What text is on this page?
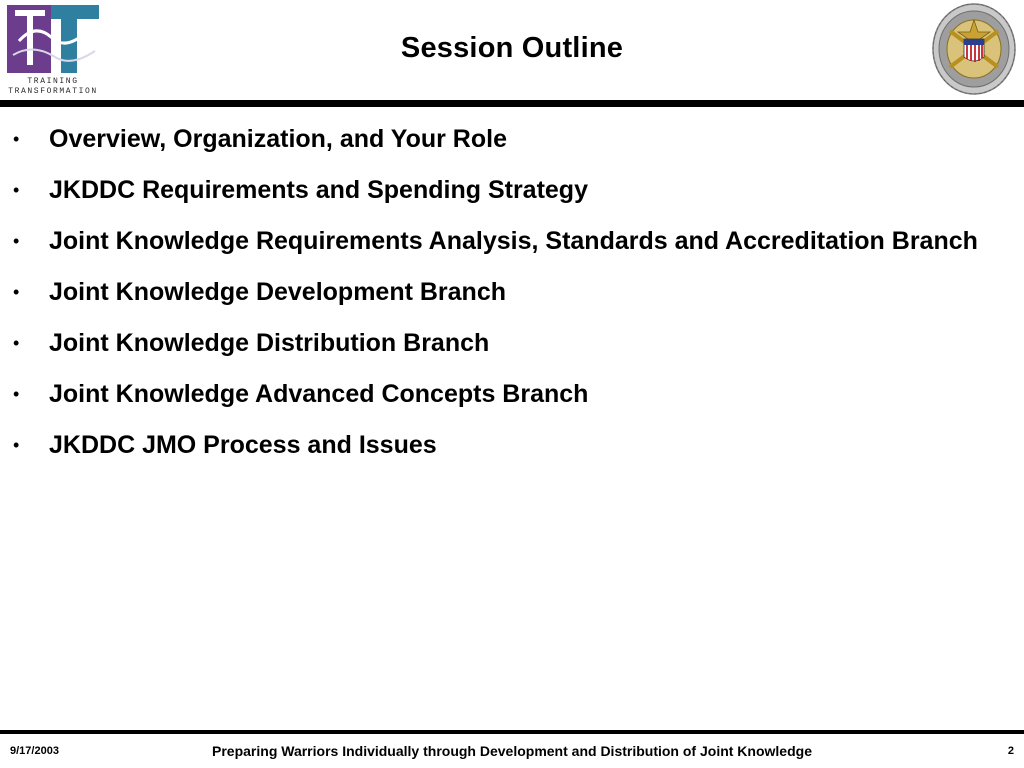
TRAINING
TRANSFORMATION
Session Outline
• Overview, Organization, and Your Role
• JKDDC Requirements and Spending Strategy
• Joint Knowledge Requirements Analysis, Standards and Accreditation Branch
• Joint Knowledge Development Branch
• Joint Knowledge Distribution Branch
• Joint Knowledge Advanced Concepts Branch
• JKDDC JMO Process and Issues
9/17/2003	Preparing Warriors Individually through Development and Distribution of Joint Knowledge	2
